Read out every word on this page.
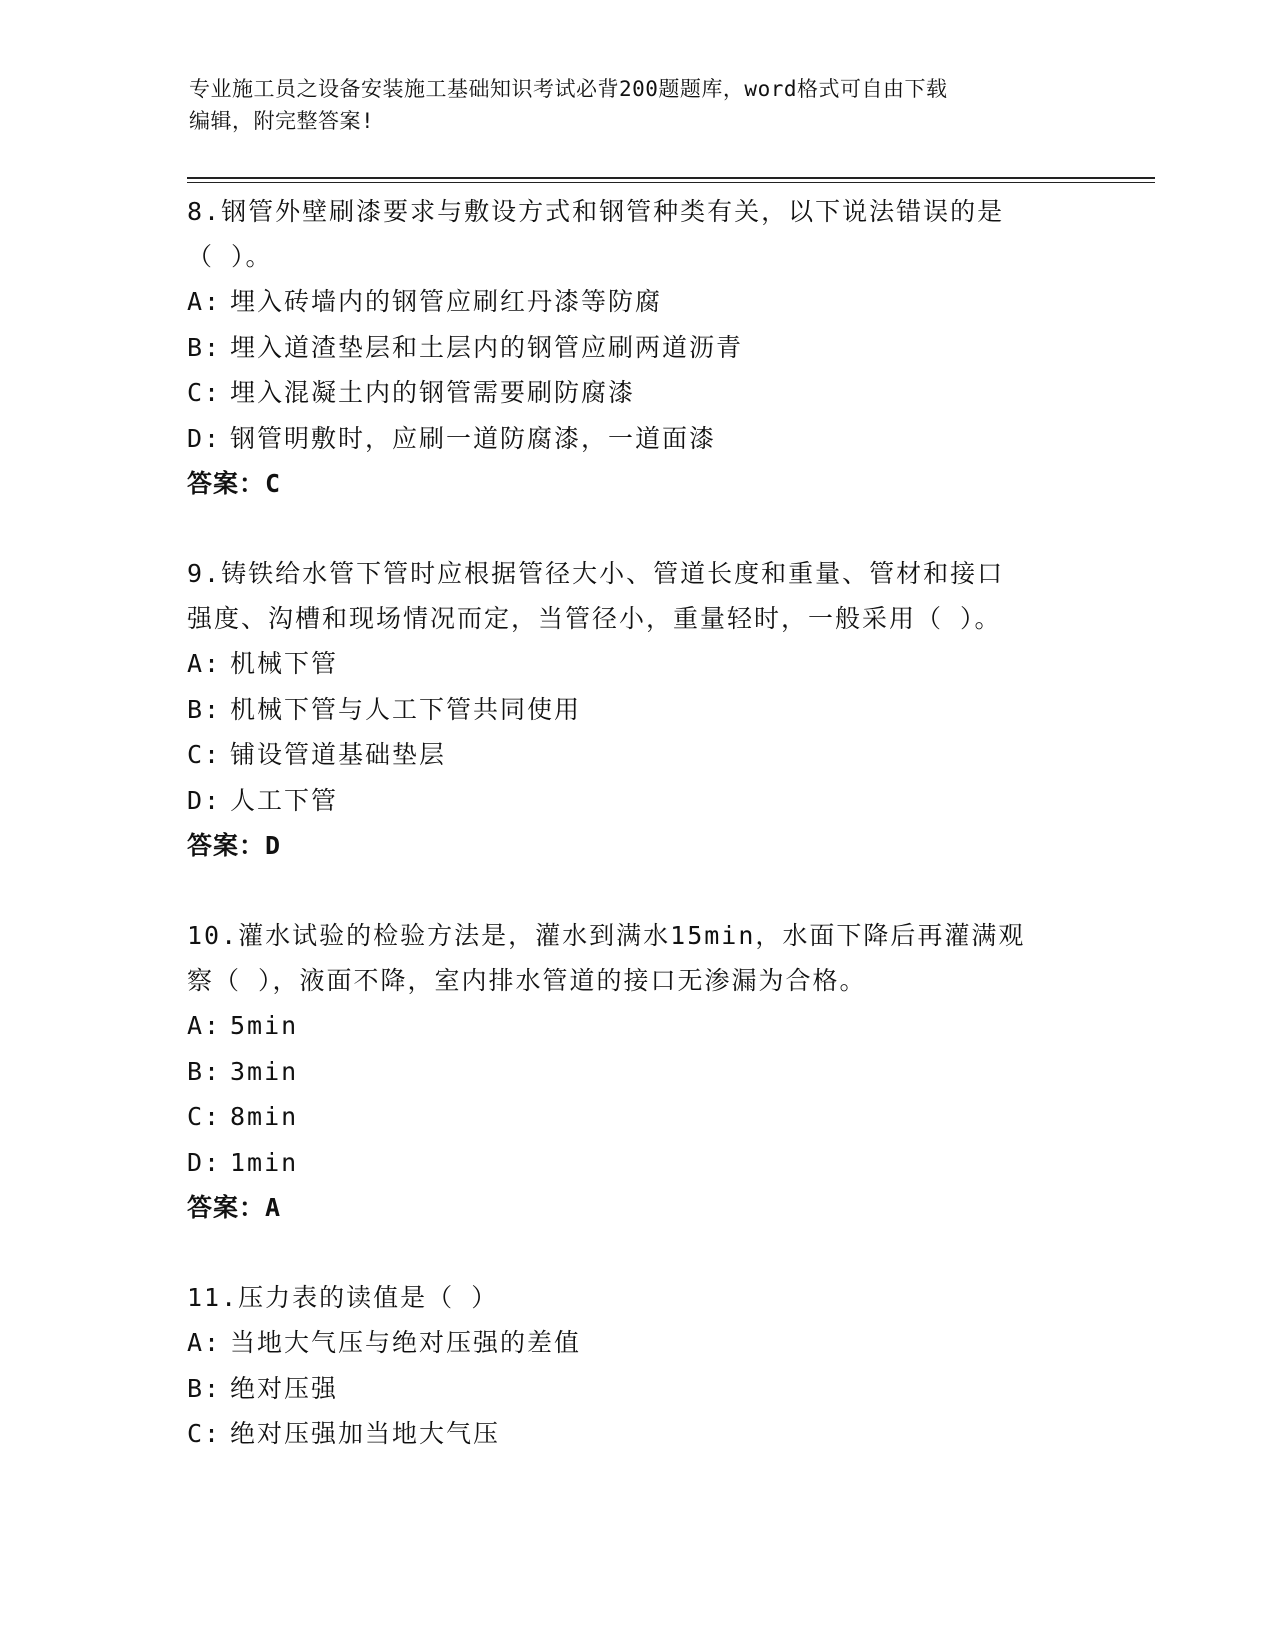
专业施工员之设备安装施工基础知识考试必背200题题库，word格式可自由下载
编辑，附完整答案!
8.钢管外壁刷漆要求与敷设方式和钢管种类有关，以下说法错误的是
（ ）。
A: 埋入砖墙内的钢管应刷红丹漆等防腐
B: 埋入道渣垫层和土层内的钢管应刷两道沥青
C: 埋入混凝土内的钢管需要刷防腐漆
D: 钢管明敷时，应刷一道防腐漆，一道面漆
答案：C
9.铸铁给水管下管时应根据管径大小、管道长度和重量、管材和接口
强度、沟槽和现场情况而定，当管径小，重量轻时，一般采用（ ）。
A: 机械下管
B: 机械下管与人工下管共同使用
C: 铺设管道基础垫层
D: 人工下管
答案：D
10.灌水试验的检验方法是，灌水到满水15min，水面下降后再灌满观
察（ ），液面不降，室内排水管道的接口无渗漏为合格。
A: 5min
B: 3min
C: 8min
D: 1min
答案：A
11.压力表的读值是（ ）
A: 当地大气压与绝对压强的差值
B: 绝对压强
C: 绝对压强加当地大气压
